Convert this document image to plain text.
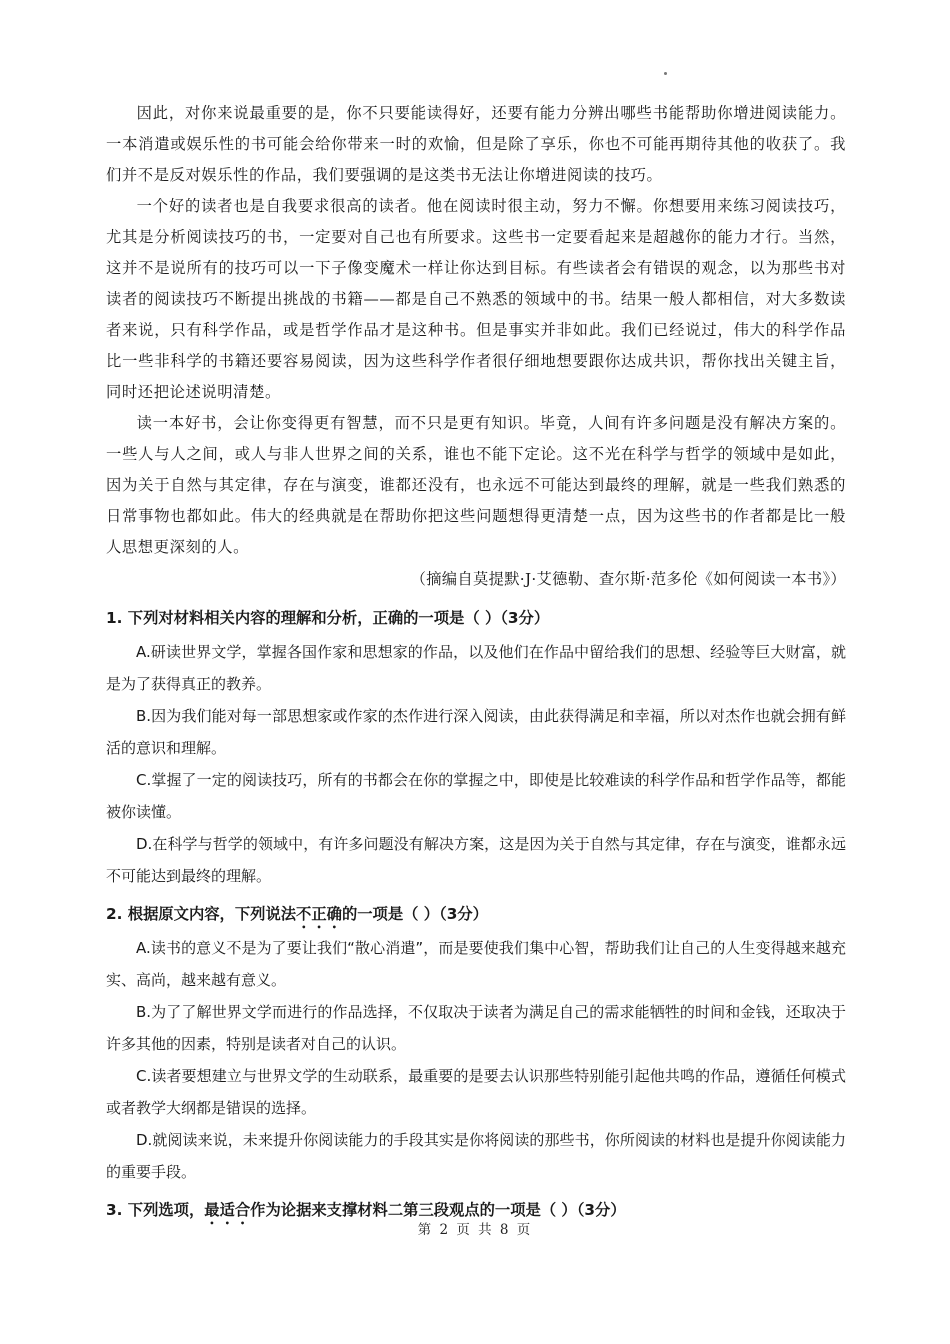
因此，对你来说最重要的是，你不只要能读得好，还要有能力分辨出哪些书能帮助你增进阅读能力。一本消遣或娱乐性的书可能会给你带来一时的欢愉，但是除了享乐，你也不可能再期待其他的收获了。我们并不是反对娱乐性的作品，我们要强调的是这类书无法让你增进阅读的技巧。

一个好的读者也是自我要求很高的读者。他在阅读时很主动，努力不懈。你想要用来练习阅读技巧，尤其是分析阅读技巧的书，一定要对自己也有所要求。这些书一定要看起来是超越你的能力才行。当然，这并不是说所有的技巧可以一下子像变魔术一样让你达到目标。有些读者会有错误的观念，以为那些书对读者的阅读技巧不断提出挑战的书籍——都是自己不熟悉的领域中的书。结果一般人都相信，对大多数读者来说，只有科学作品，或是哲学作品才是这种书。但是事实并非如此。我们已经说过，伟大的科学作品比一些非科学的书籍还要容易阅读，因为这些科学作者很仔细地想要跟你达成共识，帮你找出关键主旨，同时还把论述说明清楚。

读一本好书，会让你变得更有智慧，而不只是更有知识。毕竟，人间有许多问题是没有解决方案的。一些人与人之间，或人与非人世界之间的关系，谁也不能下定论。这不光在科学与哲学的领域中是如此，因为关于自然与其定律，存在与演变，谁都还没有，也永远不可能达到最终的理解，就是一些我们熟悉的日常事物也都如此。伟大的经典就是在帮助你把这些问题想得更清楚一点，因为这些书的作者都是比一般人思想更深刻的人。

（摘编自莫提默·J·艾德勒、查尔斯·范多伦《如何阅读一本书》）

1. 下列对材料相关内容的理解和分析，正确的一项是（ ）（3分）

A.研读世界文学，掌握各国作家和思想家的作品，以及他们在作品中留给我们的思想、经验等巨大财富，就是为了获得真正的教养。

B.因为我们能对每一部思想家或作家的杰作进行深入阅读，由此获得满足和幸福，所以对杰作也就会拥有鲜活的意识和理解。

C.掌握了一定的阅读技巧，所有的书都会在你的掌握之中，即使是比较难读的科学作品和哲学作品等，都能被你读懂。

D.在科学与哲学的领域中，有许多问题没有解决方案，这是因为关于自然与其定律，存在与演变，谁都永远不可能达到最终的理解。

2. 根据原文内容，下列说法不正确的一项是（ ）（3分）

A.读书的意义不是为了要让我们“散心消遣”，而是要使我们集中心智，帮助我们让自己的人生变得越来越充实、高尚，越来越有意义。

B.为了了解世界文学而进行的作品选择，不仅取决于读者为满足自己的需求能牺牲的时间和金钱，还取决于许多其他的因素，特别是读者对自己的认识。

C.读者要想建立与世界文学的生动联系，最重要的是要去认识那些特别能引起他共鸣的作品，遵循任何模式或者教学大纲都是错误的选择。

D.就阅读来说，未来提升你阅读能力的手段其实是你将阅读的那些书，你所阅读的材料也是提升你阅读能力的重要手段。

3. 下列选项，最适合作为论据来支撑材料二第三段观点的一项是（ ）（3分）

第 2 页 共 8 页
